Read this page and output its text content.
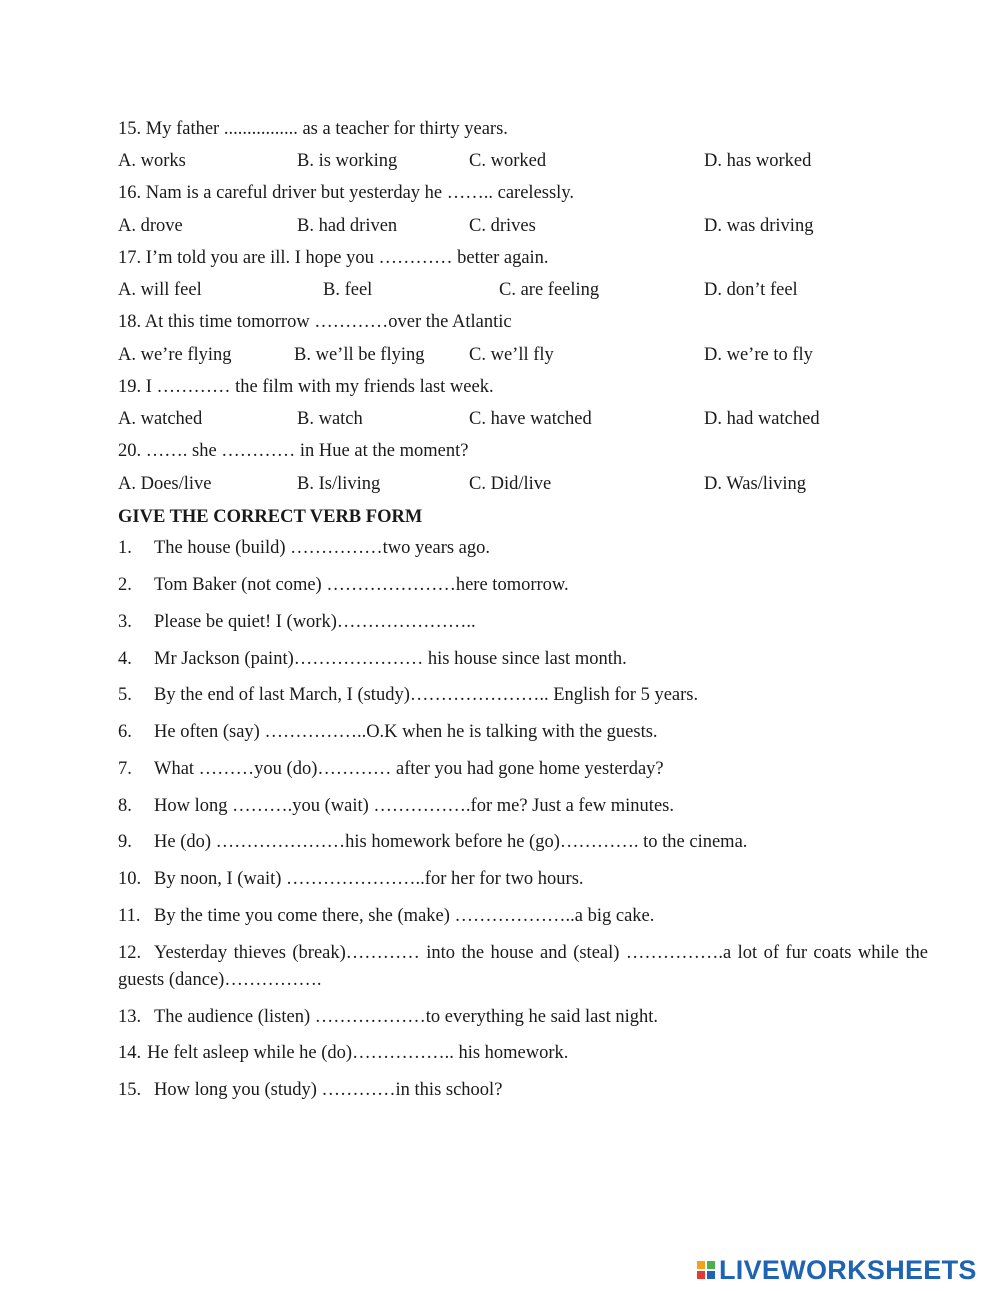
15. My father ................ as a teacher for thirty years.
A. works	B. is working	C. worked	D. has worked
16. Nam is a careful driver but yesterday he …….. carelessly.
A. drove	B. had driven	C. drives	D. was driving
17. I’m told you are ill. I hope you ………… better again.
A. will feel	B. feel	C. are feeling	D. don’t feel
18. At this time tomorrow …………over the Atlantic
A. we’re flying	B. we’ll be flying C. we’ll fly	D. we’re to fly
19. I ………… the film with my friends last week.
A. watched	B. watch	C. have watched	D. had watched
20. ……. she ………… in Hue at the moment?
A. Does/live	B. Is/living	C. Did/live	D. Was/living
GIVE THE CORRECT VERB FORM
1. The house (build) ……………two years ago.
2. Tom Baker (not come) …………………here tomorrow.
3. Please be quiet! I (work)…………………..
4. Mr Jackson (paint)………………… his house since last month.
5. By the end of last March, I (study)………………….. English for 5 years.
6. He often (say) ……………..O.K when he is talking with the guests.
7. What ………you (do)………… after you had gone home yesterday?
8. How long ……….you (wait) …………….for me? Just a few minutes.
9. He (do) …………………his homework before he (go)…………. to the cinema.
10. By noon, I (wait) …………………..for her for two hours.
11. By the time you come there, she (make) ………………..a big cake.
12. Yesterday thieves (break)………… into the house and (steal) …………….a lot of fur coats while the guests (dance)…………….
13. The audience (listen) ………………to everything he said last night.
14. He felt asleep while he (do)…………….. his homework.
15. How long you (study) …………in this school?
LIVEWORKSHEETS
